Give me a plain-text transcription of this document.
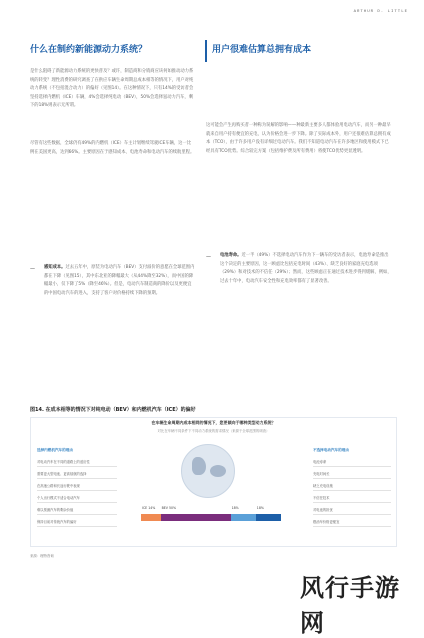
ARTHUR D. LITTLE
什么在制约新能源动力系统？
是什么阻碍了新能源动力系统的更快普及？或许，制造商和分销商应该何如推动动力系统的转变？理性消费的研究调查了在供应车辆生命周期总成本相等的情况下，用户对纯动力系统（不包括混合动力）的偏好（见图14）。在这种情况下，只有14%的受访者会坚持选择内燃机（ICE）车辆，4%会选择纯电动（BEV），50%会选择氢动力汽车，剩下的18%则表示无所谓。
尽管有这些数据，全球仍有49%的内燃机（ICE）车主计划继续驾驶ICE车辆，这一比例在美国更高，达到66%。主要原因在于感知成本、电池寿命和电动汽车的续航里程。
— 感知成本。过去五年中，原装为电动汽车（BEV）支付溢价的意愿在全球范围内都在下降（见图15），其中东北亚的降幅最大（从44%降至32%），而中国的降幅最小，仅下降了5%（降至46%）。但是，电动汽车制造商的降价以及更便宜的中国电动汽车的进入，支持了客户对价格持续下降的预期。
用户很难估算总拥有成本
这可能会产生再购买者一种称为误解的影响——种最新主要多人都体验用电动汽车，而另一种最早就来自用户持有便宜的充电，认为价格会进一步下降。除了实际成本外，用户还很难估算总拥有成本（TCO），由于许多用户没有详细过电动汽车。我们不知道电动汽车在许多地区和使用模式下已经具有TCO优势。综合较完方案（包括维护费及所有费用）将使TCO优势更显透明。
— 电池寿命。近一半（49%）不选择电动汽车作为下一辆车的受访者表示，电池寿命是推出这个决定的主要原因，这一顾虑比包括充电时间（43%）、缺乏良好的家庭充电选项（29%）和对技术的不信任（29%）；然而，这些顾虑正在通过技术进步得到缓解，例如，过去十年中，电动汽车安全性和充电效率都有了显著改善。
图14. 在成本相等的情况下对纯电动（BEV）和内燃机汽车（ICE）的偏好
在车辆生命周期内成本相同的情况下，您更倾向于哪种类型动力系统？
对比在车辆不同条件下不同动力系统的需求情况（来源于全球范围的调查）
选择内燃机汽车的理由	不选择电动汽车的理由
对电动汽车在不同的道路上的适应性
需要更大型电池、更高续航的选择
在高速公路和长途行驶中表现
个人出行模式不适合电动汽车
难以预测汽车的剩余价值
保持目前对传统汽车的偏好
电池寿命
充电时间长
缺乏充电设施
不信任技术
对电池的担忧
燃油车价格更便宜
ICE 14% BEV 50%	18%	18%
来源：理特咨询
风行手游网
